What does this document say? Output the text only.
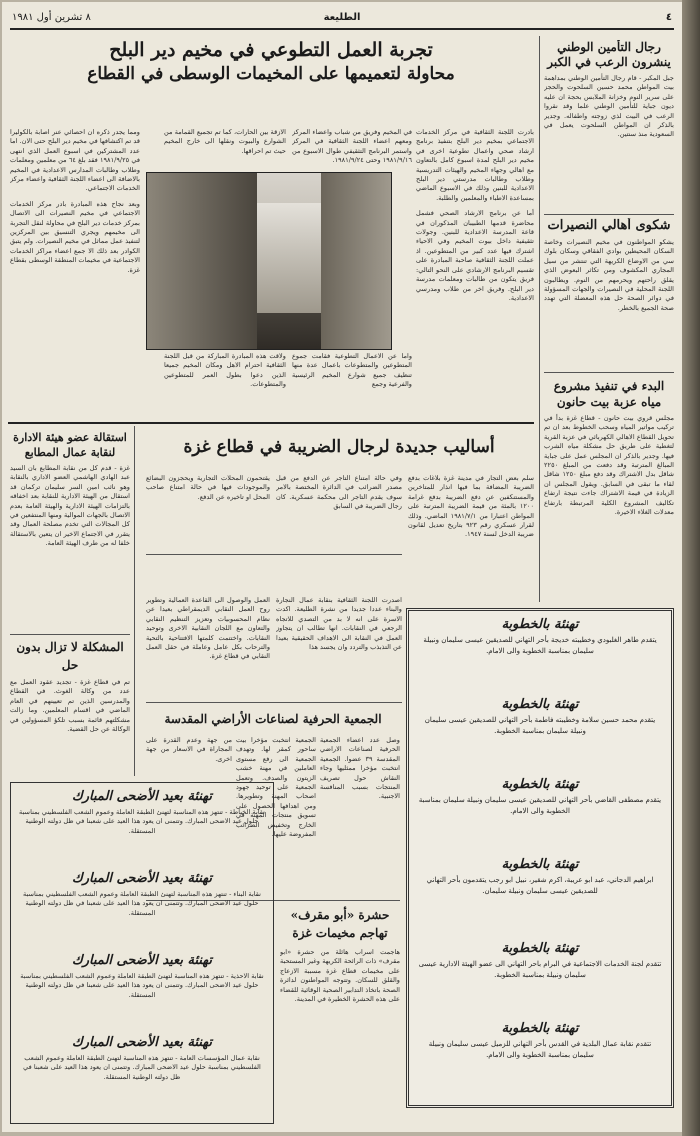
٤
الطليعة
٨ تشرين أول ١٩٨١
رجال التأمين الوطني ينشرون الرعب في الكبر

جبل المكبر - قام رجال التأمين الوطني بمداهمة بيت المواطن محمد حسين السلحوت والحجز على سرير النوم وخزانة الملابس بحجة ان عليه ديون جباية للتأمين الوطني علما وقد نقروا الرعب في البيت لذي زوجته واطفاله. وجدير بالذكر ان المواطن السلحوت يعمل في السعودية منذ سنتين.

شكوى أهالي النصيرات

يشكو المواطنون في مخيم النصيرات وخاصة السكان المحيطين بوادي الفقاقي وسكان بلوك سي من الاوضاع الكريهة التي تنتشر من سيل المجاري المكشوف ومن تكاثر البعوض الذي يقلق راحتهم ويحرمهم من النوم. ويطالبون اللجنة المحلية في النصيرات والجهات المسؤولة في دوائر الصحة حل هذه المعضلة التي تهدد صحة الجميع بالخطر.

البدء في تنفيذ مشروع مياه عزبة بيت حانون

مجلس قروي بيت حانون - قطاع غزة بدأ في تركيب مواتير المياه وسحب الخطوط بعد ان تم تحويل القطاع الاهالي الكهربائي في عزبة القرية لتغطية على طريق حل مشكلة مياه الشرب فيها. وجدير بالذكر ان المجلس عمل على جباية المبالغ المترتبة وقد دفعت من المبلغ ٢٢٥٠ شاقل بدل الاشتراك وقد دفع مبلغ ١٢٥٠ شاقل لقاء ما تبقى في السابق. ويقول المجلس ان الزيادة في قيمة الاشتراك جاءت نتيجة ارتفاع تكاليف المشروع الكلية المرتبطة بارتفاع معدلات الغلاء الاخيرة.

تجربة العمل التطوعي في مخيم دير البلح
محاولة لتعميمها على المخيمات الوسطى في القطاع

بادرت اللجنة الثقافية في مركز الخدمات الاجتماعي بمخيم دير البلح بتنفيذ برنامج ارشاد صحي واعمال تطوعية اخرى في مخيم دير البلح لمدة اسبوع كامل بالتعاون مع اهالي وجهاء المخيم والهيئات التدريسية وطلاب وطالبات مدرستي دير البلح الاعدادية للبنين وذلك في الاسبوع الماضي بمساعدة الاطباء والمعلمين والطلبة.

أما عن برنامج الارشاد الصحي فشمل محاضرة قدمها الطبيبان المذكوران في قاعة المدرسة الاعدادية للبنين. وجولات تثقيفية داخل بيوت المخيم وفي الاحياء اشترك فيها عدد كبير من المتطوعين. اذ عملت اللجنة الثقافية صاحبة المبادرة على تقسيم البرنامج الارشادي على النحو التالي: فريق يتكون من طالبات ومعلمات مدرسة دير البلح. وفريق اخر من طلاب ومدرسي الاعدادية.

في المخيم وفريق من شباب واعضاء المركز ومعهم اعضاء اللجنة الثقافية في المركز واستمر البرنامج التثقيفي طوال الاسبوع من ١٩٨١/٩/١٦ وحتى ١٩٨١/٩/٢٤.

واما عن الاعمال التطوعية فقامت جموع المتطوعين والمتطوعات باعمال عدة منها تنظيف جميع شوارع المخيم الرئيسية والفرعية وجمع

الازقة بين الحارات، كما تم تجميع القمامة من الشوارع والبيوت ونقلها الى خارج المخيم حيث تم احراقها.

ولاقت هذه المبادرة المباركة من قبل اللجنة الثقافية احترام الاهل ومكان المخيم جميعا الذين دعوا بطول العمر للمتطوعين والمتطوعات.

ومما يجدر ذكره ان احصائي عنر اصابة بالكوليرا قد تم اكتشافها في مخيم دير البلح حتى الان. اما عدد المشتركين في اسبوع العمل الذي انتهى في ١٩٨١/٩/٢٥ فقد بلغ ٦٤ من معلمين ومعلمات وطلاب وطالبات المدارس الاعدادية في المخيم بالاضافة الى اعضاء اللجنة الثقافية واعضاء مركز الخدمات الاجتماعي.

وبعد نجاح هذه المبادرة بادر مركز الخدمات الاجتماعي في مخيم النصيرات الى الاتصال بمركز خدمات دير البلح في محاولة لنقل التجربة الى مخيمهم ويجري التنسيق بين المركزين لتنفيذ عمل مماثل في مخيم النصيرات. ولم يتبق الكوادر بعد ذلك الا جمع اعضاء مراكز الخدمات الاجتماعية في مخيمات المنطقة الوسطى بقطاع غزة.

استقالة عضو هيئة الادارة
لنقابة عمال المطابع

غزة - قدم كل من نقابة المطابع بان السيد عبد الهادي الهاشمي العضو الاداري بالنقابة وهو نائب امين السر سليمان تركمان قد استقال من الهيئة الادارية للنقابة بعد اخفاقه بالتزامات الهيئة الادارية والهيئة العامة بعدم الاتصال بالجهات الموالية ومنها المنتفعين في كل المجالات التي تخدم مصلحة العمال وقد يتقرر في الاجتماع الاخير ان يتعين بالاستقالة خلفا له من طرف الهيئة العامة.

المشكلة لا تزال بدون حل

تم في قطاع غزة - تجديد عقود العمل مع عدد من وكالة الغوث. في القطاع والمدرسين الذين تم تعيينهم في العام الماضي في اقسام المعلمين. وما زالت مشكلتهم قائمة بسبب تلكؤ المسؤولين في الوكالة عن حل القضية.

أساليب جديدة لرجال الضريبة في قطاع غزة

سلم بعض التجار في مدينة غزة بلاغات بدفع الضريبة المضافة بما فيها انذار للمتاخرين والمستنكفين عن دفع الضريبة بدفع غرامة ١٢٠٠ بالمئة من قيمة الضريبة المترتبة على المواطن اعتبارا من ١٩٨١/٧/١ الماضي. وذلك لقرار عسكري رقم ٩٢٣ بتاريخ تعديل لقانون ضريبة الدخل لسنة ١٩٤٧.

وفي حالة امتناع التاجر عن الدفع من قبل مصدر الضرائب في الدائرة المختصة بالامر سوف يقدم التاجر الى محكمة عسكرية. كان رجال الضريبة في السابق

يقتحمون المحلات التجارية ويحجزون البضائع والموجودات فيها في حالة امتناع صاحب المحل او تاخيره عن الدفع.

اصدرت اللجنة الثقافية بنقابة عمال النجارة والبناء عددا جديدا من نشرة الطليعة. اكدت الاسرة على انه لا بد من التصدي للاتجاه الرجعي في النقابات. انها تطالب ان يتجاوز العمل في النقابة الى الاهداف الحقيقية بعيدا عن التذبذب والتردد وان يجسد هذا

العمل والوصول الى القاعدة العمالية وتطوير روح العمل النقابي الديمقراطي بعيدا عن نظام المحسوبيات وتعزيز التنظيم النقابي والتعاون مع اللجان النقابية الاخرى وتوحيد النقابات. واختتمت كلمتها الافتتاحية بالتحية والترحاب بكل عامل وعاملة في حقل العمل النقابي في قطاع غزة.

الجمعية الحرفية لصناعات الأراضي المقدسة

وصل عدد اعضاء الجمعية الحرفية لصناعات الاراضي المقدسة ٣٩ عضوا. الجمعية انتخبت مؤخرا ممثليها وجاء النقاش حول تصريف المنتجات بسبب المنافسة الاجنبية.

الجمعية انتخبت مؤخرا بيت ساحور كمقر لها. وتهدف الجمعية الى رفع مستوى العاملين في مهنة خشب الزيتون والصدف. وتعمل الجمعية على توحيد جهود اصحاب المهنة وتطويرها. ومن اهدافها الحصول على تسويق منتجات المهنة في الخارج وتخفيض الضرائب المفروضة عليها.

من جهة وعدم القدرة على المجاراة في الاسعار من جهة اخرى.

حشرة «أبو مقرف»
تهاجم مخيمات غزة

هاجمت اسراب هائلة من حشرة «ابو مقرف» ذات الرائحة الكريهة وغير المستحبة على مخيمات قطاع غزة مسببة الازعاج والقلق للسكان. وتتوجه المواطنون لدائرة الصحة باتخاذ التدابير الصحية الوقائية للقضاء على هذه الحشرة الخطيرة في المدينة.

تهنئة بعيد الأضحى المبارك

نقابة الخياطة - تنتهز هذه المناسبة لتهنئ الطبقة العاملة وعموم الشعب الفلسطيني بمناسبة حلول عيد الاضحى المبارك. وتتمنى ان يعود هذا العيد على شعبنا في ظل دولته الوطنية المستقلة.

تهنئة بعيد الأضحى المبارك

نقابة البناء - تنتهز هذه المناسبة لتهنئ الطبقة العاملة وعموم الشعب الفلسطيني بمناسبة حلول عيد الاضحى المبارك. وتتمنى ان يعود هذا العيد على شعبنا في ظل دولته الوطنية المستقلة.

تهنئة بعيد الأضحى المبارك

نقابة الاحذية - تنتهز هذه المناسبة لتهنئ الطبقة العاملة وعموم الشعب الفلسطيني بمناسبة حلول عيد الاضحى المبارك. وتتمنى ان يعود هذا العيد على شعبنا في ظل دولته الوطنية المستقلة.

تهنئة بعيد الأضحى المبارك

نقابة عمال المؤسسات العامة - تنتهز هذه المناسبة لتهنئ الطبقة العاملة وعموم الشعب الفلسطيني بمناسبة حلول عيد الاضحى المبارك. وتتمنى ان يعود هذا العيد على شعبنا في ظل دولته الوطنية المستقلة.

تهنئة بالخطوبة

يتقدم طاهر الغلبودي وخطيبته خديجة بأحر التهاني للصديقين عيسى سليمان ونبيلة سليمان بمناسبة الخطوبة والى الامام.

تهنئة بالخطوبة

يتقدم محمد حسين سلامة وخطيبته فاطمة بأحر التهاني للصديقين عيسى سليمان ونبيلة سليمان بمناسبة الخطوبة.

تهنئة بالخطوبة

يتقدم مصطفى القاضي بأحر التهاني للصديقين عيسى سليمان ونبيلة سليمان بمناسبة الخطوبة والى الامام.

تهنئة بالخطوبة

ابراهيم الدجاني، عبد ابو عريبة، اكرم شقير، نبيل ابو رجب يتقدمون بأحر التهاني للصديقين عيسى سليمان ونبيلة سليمان.

تهنئة بالخطوبة

تتقدم لجنة الخدمات الاجتماعية في البرام باحر التهاني الى عضو الهيئة الادارية عيسى سليمان ونبيلة بمناسبة الخطوبة.

تهنئة بالخطوبة

تتقدم نقابة عمال البلدية في القدس بأحر التهاني للزميل عيسى سليمان ونبيلة سليمان بمناسبة الخطوبة والى الامام.
